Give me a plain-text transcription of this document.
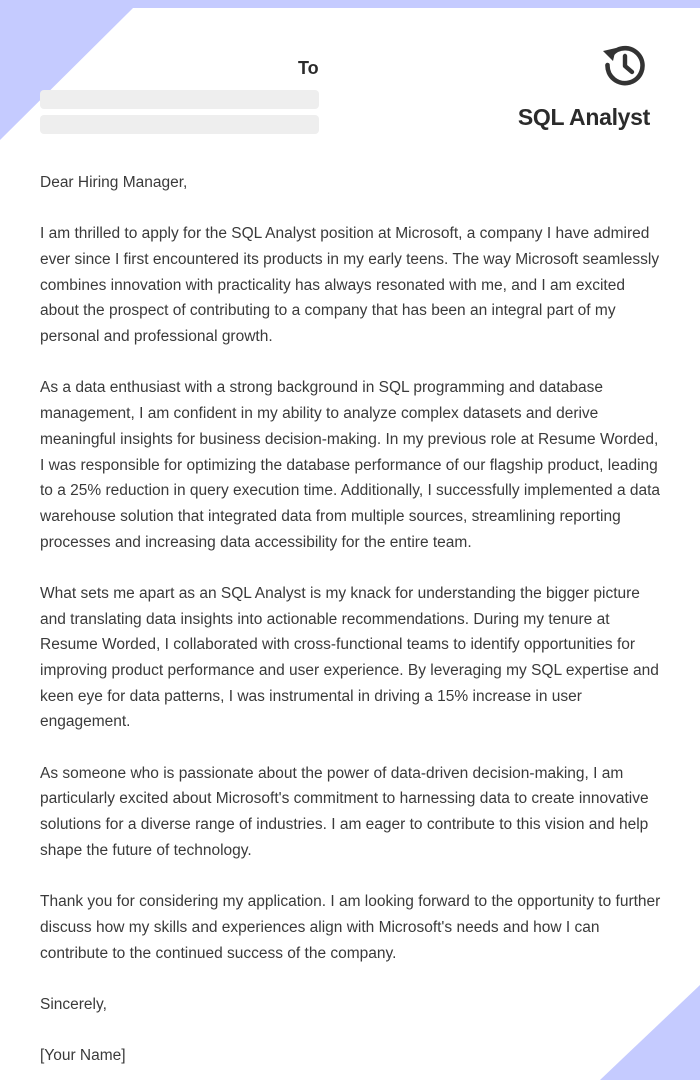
To
SQL Analyst

Dear Hiring Manager,

I am thrilled to apply for the SQL Analyst position at Microsoft, a company I have admired ever since I first encountered its products in my early teens. The way Microsoft seamlessly combines innovation with practicality has always resonated with me, and I am excited about the prospect of contributing to a company that has been an integral part of my personal and professional growth.

As a data enthusiast with a strong background in SQL programming and database management, I am confident in my ability to analyze complex datasets and derive meaningful insights for business decision-making. In my previous role at Resume Worded, I was responsible for optimizing the database performance of our flagship product, leading to a 25% reduction in query execution time. Additionally, I successfully implemented a data warehouse solution that integrated data from multiple sources, streamlining reporting processes and increasing data accessibility for the entire team.

What sets me apart as an SQL Analyst is my knack for understanding the bigger picture and translating data insights into actionable recommendations. During my tenure at Resume Worded, I collaborated with cross-functional teams to identify opportunities for improving product performance and user experience. By leveraging my SQL expertise and keen eye for data patterns, I was instrumental in driving a 15% increase in user engagement.

As someone who is passionate about the power of data-driven decision-making, I am particularly excited about Microsoft's commitment to harnessing data to create innovative solutions for a diverse range of industries. I am eager to contribute to this vision and help shape the future of technology.

Thank you for considering my application. I am looking forward to the opportunity to further discuss how my skills and experiences align with Microsoft's needs and how I can contribute to the continued success of the company.

Sincerely,

[Your Name]
